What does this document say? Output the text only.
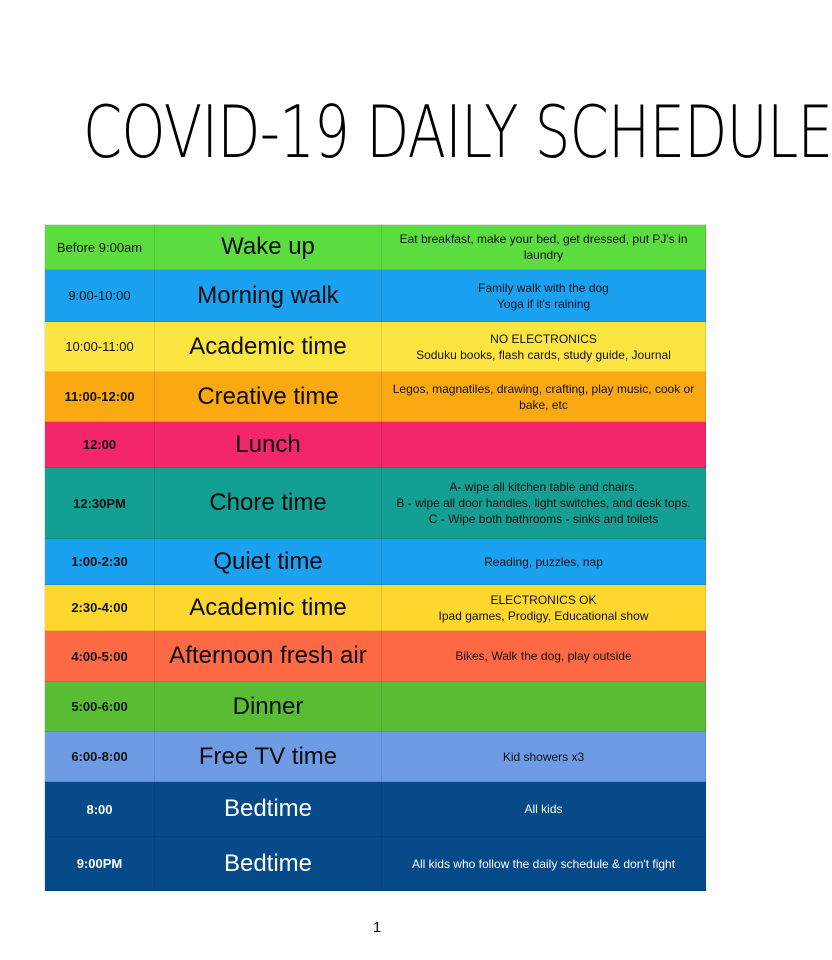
COVID-19 DAILY SCHEDULE
Before 9:00am	Wake up	Eat breakfast, make your bed, get dressed, put PJ's in laundry

9:00-10:00	Morning walk	Family walk with the dog
Yoga if it's raining

10:00-11:00	Academic time	NO ELECTRONICS
Soduku books, flash cards, study guide, Journal

11:00-12:00	Creative time	Legos, magnatiles, drawing, crafting, play music, cook or bake, etc

12:00	Lunch	

12:30PM	Chore time	A- wipe all kitchen table and chairs.
B - wipe all door handles, light switches, and desk tops.
C - Wipe both bathrooms - sinks and toilets

1:00-2:30	Quiet time	Reading, puzzles, nap

2:30-4:00	Academic time	ELECTRONICS OK
Ipad games, Prodigy, Educational show

4:00-5:00	Afternoon fresh air	Bikes, Walk the dog, play outside

5:00-6:00	Dinner	

6:00-8:00	Free TV time	Kid showers x3

8:00	Bedtime	All kids

9:00PM	Bedtime	All kids who follow the daily schedule & don't fight
1
